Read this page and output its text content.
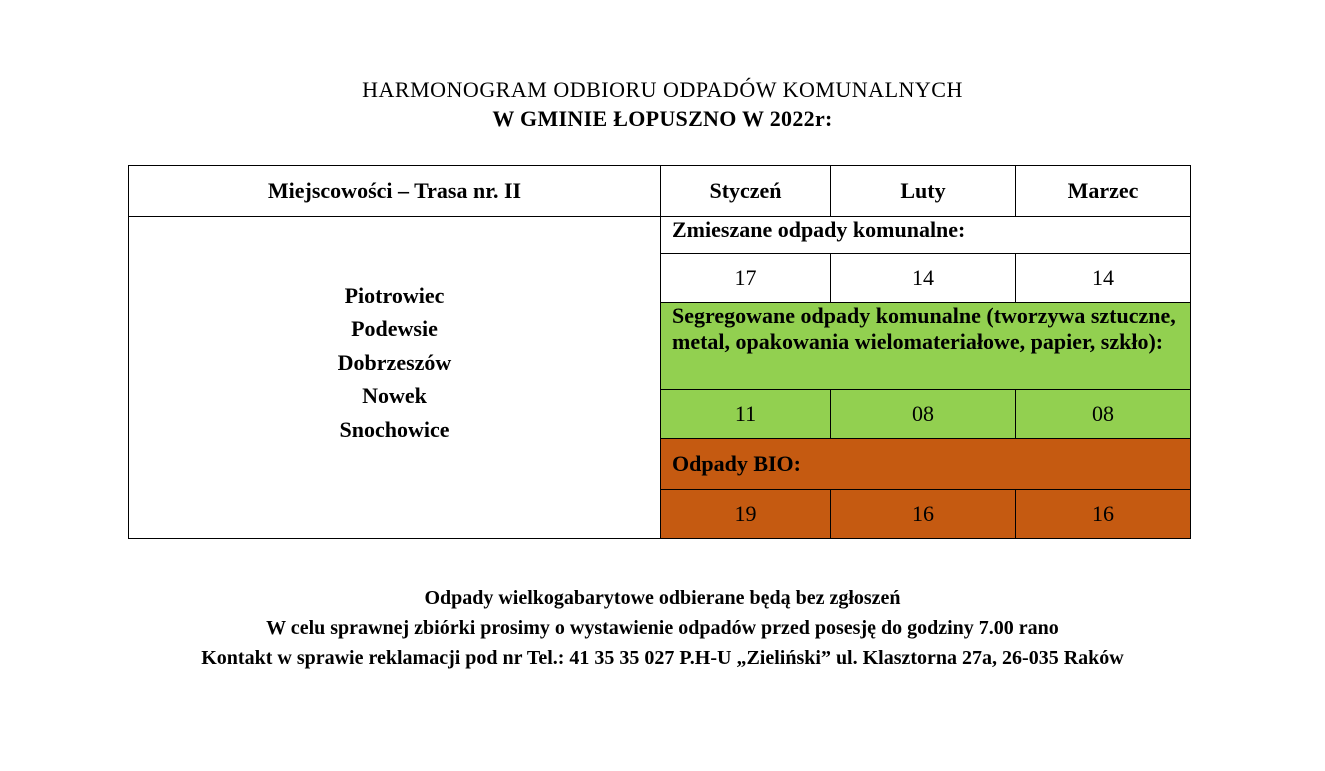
HARMONOGRAM ODBIORU ODPADÓW KOMUNALNYCH
W GMINIE ŁOPUSZNO W 2022r:
Miejscowości – Trasa nr. II	Styczeń	Luty	Marzec

Piotrowiec
Podewsie
Dobrzeszów
Nowek
Snochowice	Zmieszane odpady komunalne:		
	17	14	14
	Segregowane odpady komunalne (tworzywa sztuczne, metal, opakowania wielomateriałowe, papier, szkło):		
	11	08	08
	Odpady BIO:		
	19	16	16
Odpady wielkogabarytowe odbierane będą bez zgłoszeń
W celu sprawnej zbiórki prosimy o wystawienie odpadów przed posesję do godziny 7.00 rano
Kontakt w sprawie reklamacji pod nr Tel.: 41 35 35 027 P.H-U „Zieliński” ul. Klasztorna 27a, 26-035 Raków
